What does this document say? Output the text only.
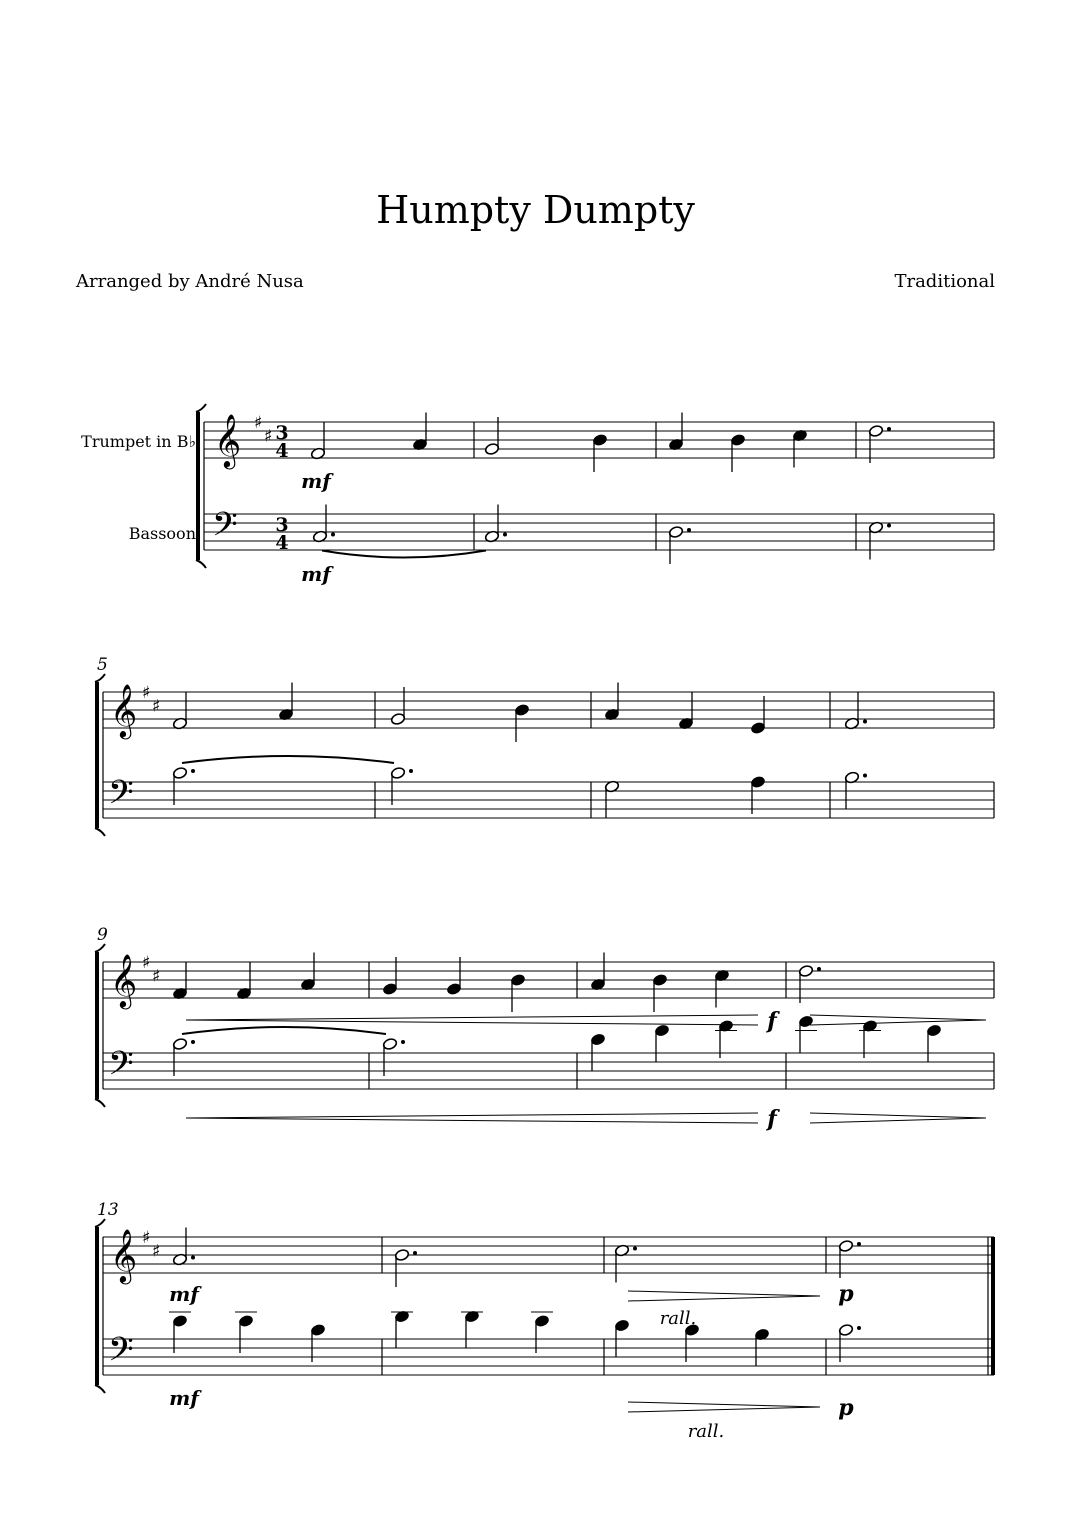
Humpty Dumpty
Arranged by André Nusa	Traditional
Trumpet in B♭
Bassoon
𝄞
𝄢
♯
♯ 3
4
3
4
𝄞
𝄢
♯
♯
5
𝄞
𝄢
♯
♯
9
𝄞
𝄢
♯
♯
13
mf
mf
f
f
mf
mf
rall.
p
rall.
p
